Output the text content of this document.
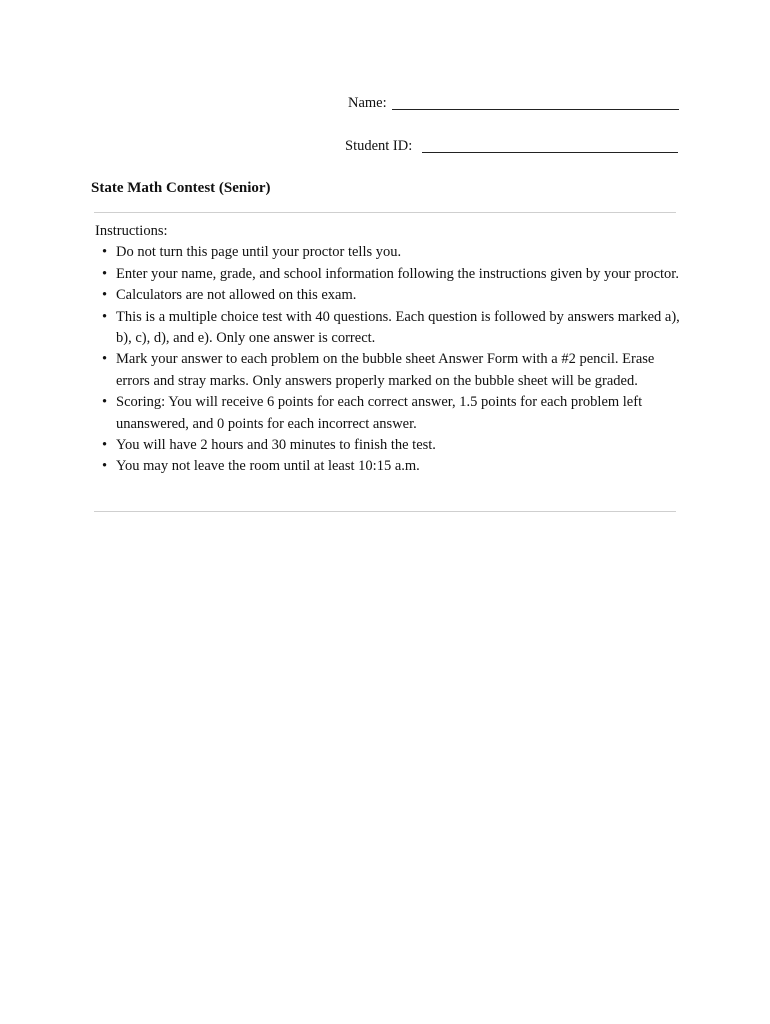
Name:
Student ID:
State Math Contest (Senior)
Instructions:
• Do not turn this page until your proctor tells you.
• Enter your name, grade, and school information following the instructions given by your proctor.
• Calculators are not allowed on this exam.
• This is a multiple choice test with 40 questions. Each question is followed by answers marked a), b), c), d), and e). Only one answer is correct.
• Mark your answer to each problem on the bubble sheet Answer Form with a #2 pencil. Erase errors and stray marks. Only answers properly marked on the bubble sheet will be graded.
• Scoring: You will receive 6 points for each correct answer, 1.5 points for each problem left unanswered, and 0 points for each incorrect answer.
• You will have 2 hours and 30 minutes to finish the test.
• You may not leave the room until at least 10:15 a.m.
